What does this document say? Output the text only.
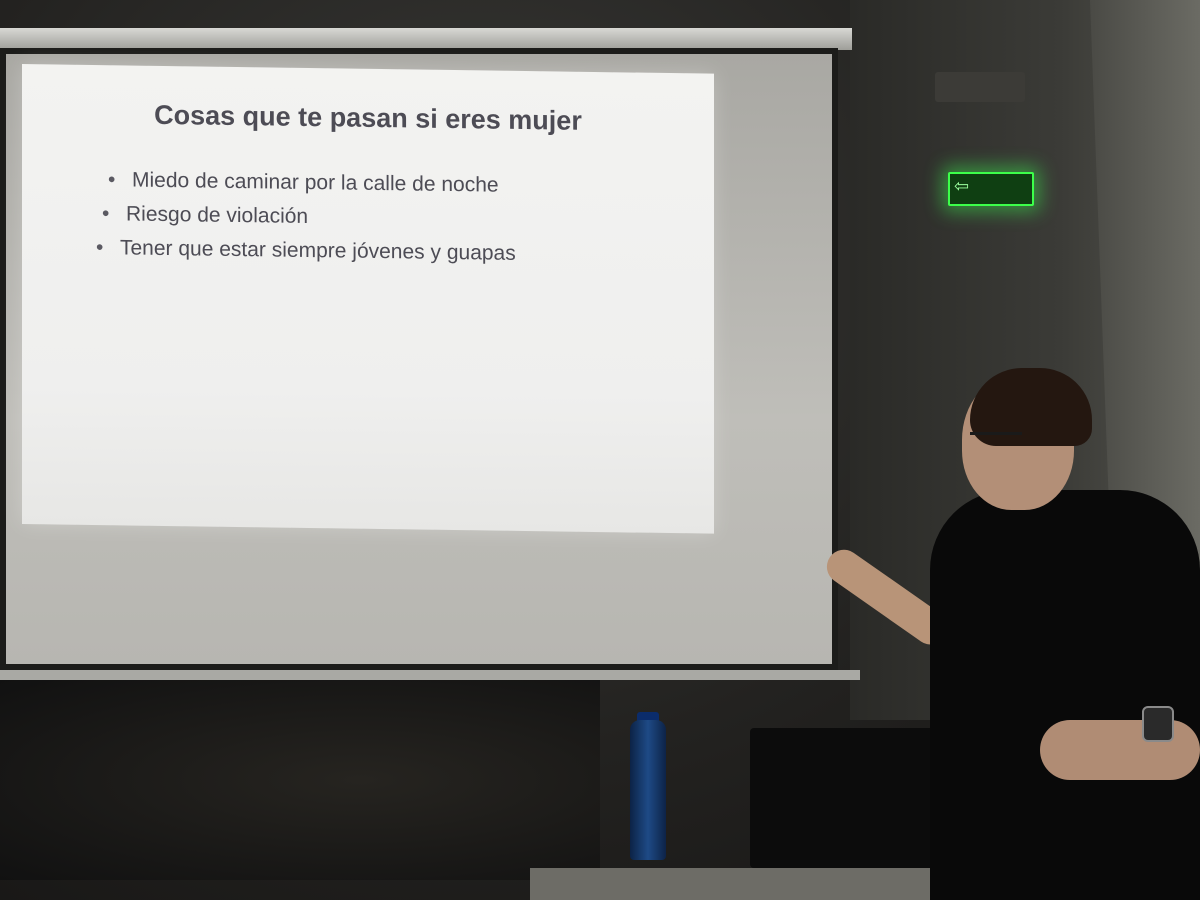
⇦
Cosas que te pasan si eres mujer
• Miedo de caminar por la calle de noche
• Riesgo de violación
• Tener que estar siempre jóvenes y guapas
